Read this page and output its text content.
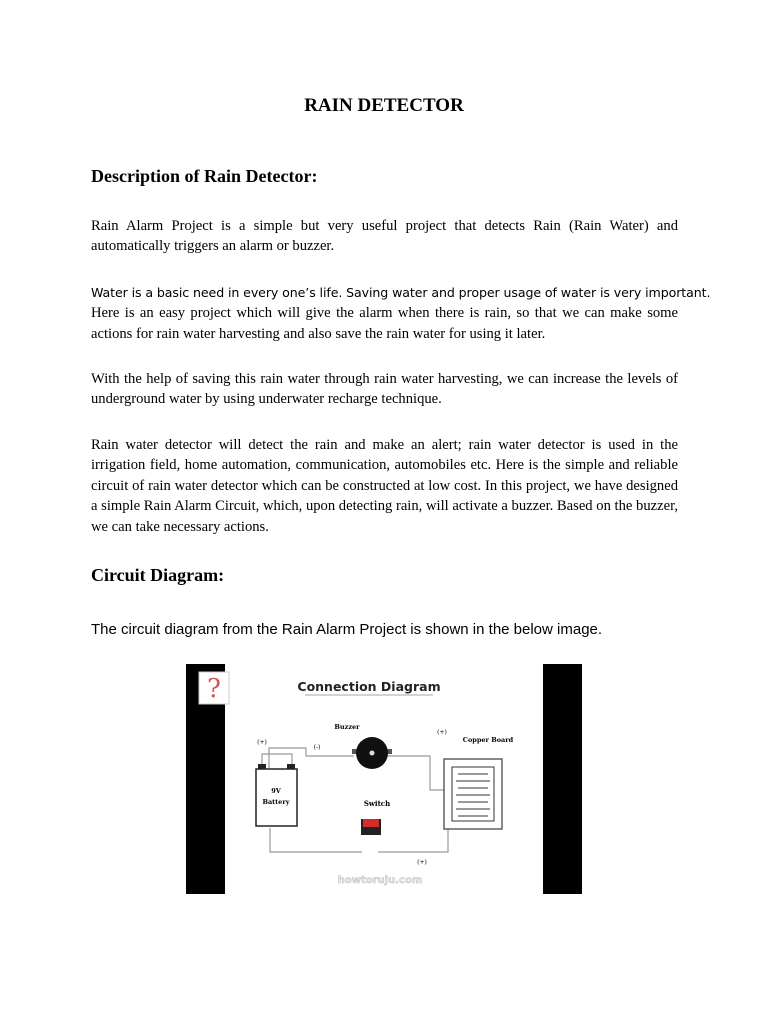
RAIN DETECTOR
Description of Rain Detector:
Rain Alarm Project is a simple but very useful project that detects Rain (Rain Water) and automatically triggers an alarm or buzzer.
Water is a basic need in every one’s life. Saving water and proper usage of water is very important.
Here is an easy project which will give the alarm when there is rain, so that we can make some actions for rain water harvesting and also save the rain water for using it later.
With the help of saving this rain water through rain water harvesting, we can increase the levels of underground water by using underwater recharge technique.
Rain water detector will detect the rain and make an alert; rain water detector is used in the irrigation field, home automation, communication, automobiles etc. Here is the simple and reliable circuit of rain water detector which can be constructed at low cost. In this project, we have designed a simple Rain Alarm Circuit, which, upon detecting rain, will activate a buzzer. Based on the buzzer, we can take necessary actions.
Circuit Diagram:
The circuit diagram from the Rain Alarm Project is shown in the below image.
?	Connection Diagram
9V
Battery
Buzzer
Copper Board
Switch
(+)
(-)
(+)
(+)
howtoruju.com
